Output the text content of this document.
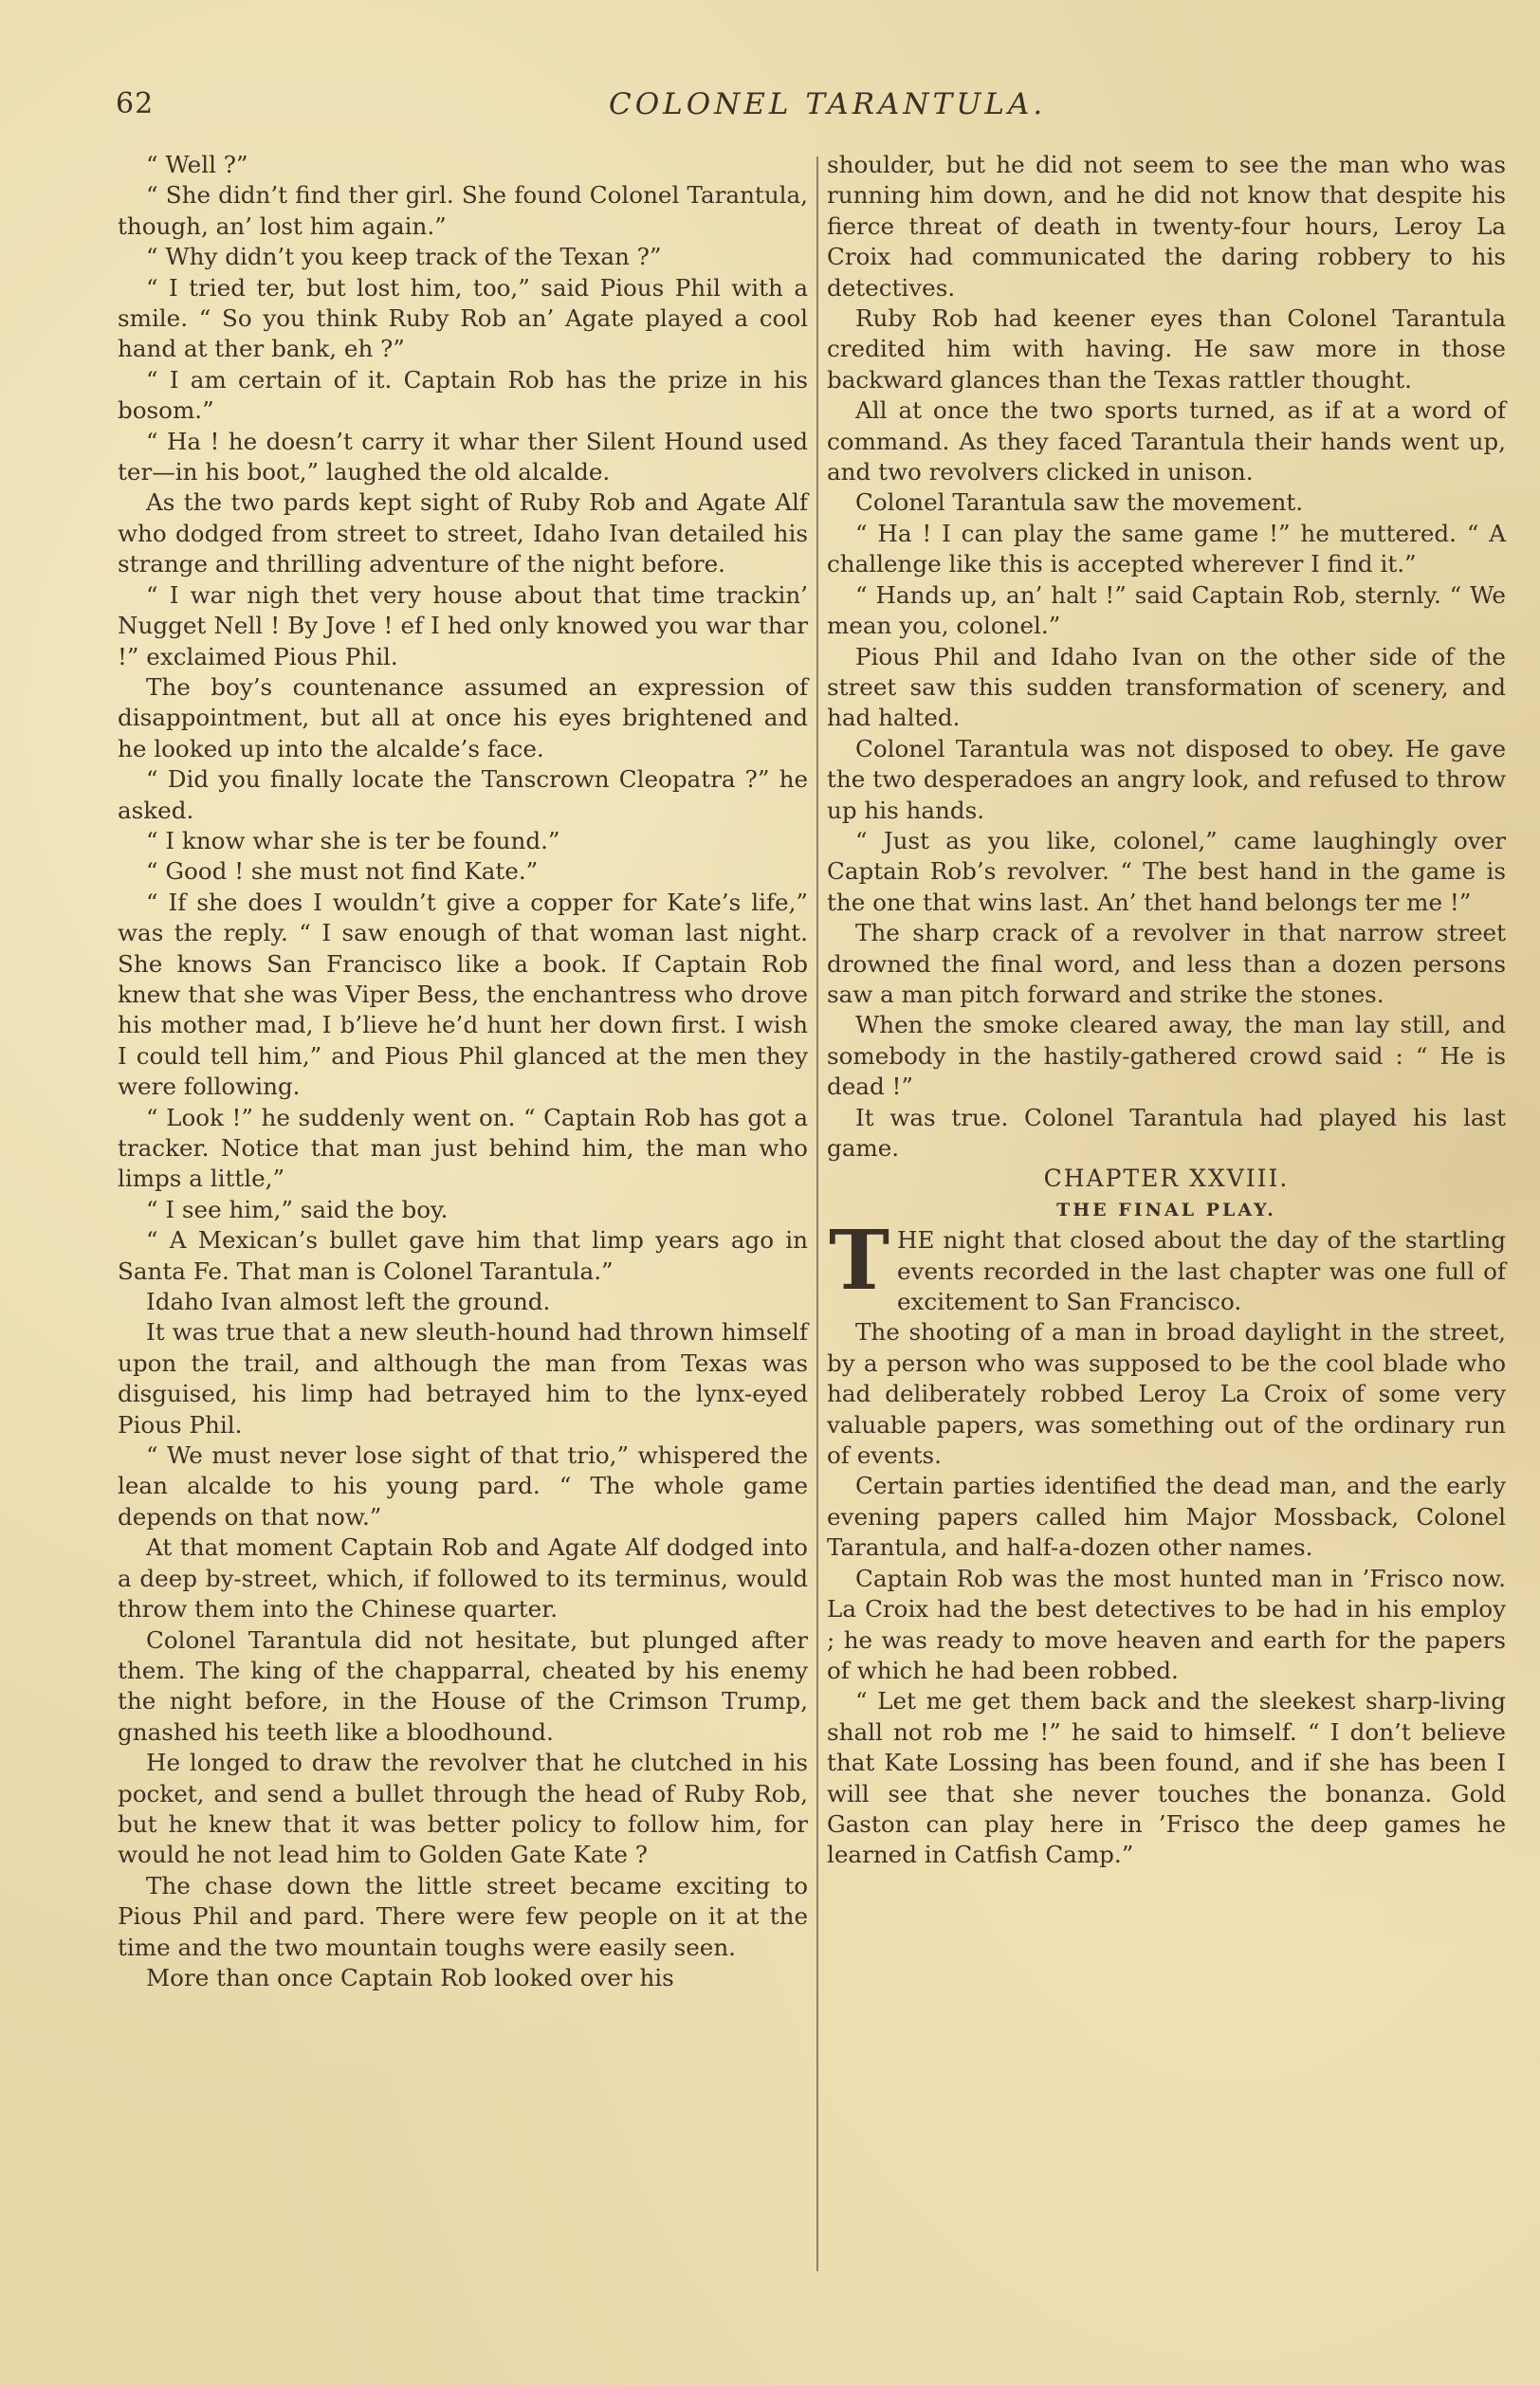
62	COLONEL TARANTULA.

“ Well ?”

“ She didn’t find ther girl. She found Colonel Tarantula, though, an’ lost him again.”

“ Why didn’t you keep track of the Texan ?”

“ I tried ter, but lost him, too,” said Pious Phil with a smile. “ So you think Ruby Rob an’ Agate played a cool hand at ther bank, eh ?”

“ I am certain of it. Captain Rob has the prize in his bosom.”

“ Ha ! he doesn’t carry it whar ther Silent Hound used ter—in his boot,” laughed the old alcalde.

As the two pards kept sight of Ruby Rob and Agate Alf who dodged from street to street, Idaho Ivan detailed his strange and thrilling adventure of the night before.

“ I war nigh thet very house about that time trackin’ Nugget Nell ! By Jove ! ef I hed only knowed you war thar !” exclaimed Pious Phil.

The boy’s countenance assumed an expression of disappointment, but all at once his eyes brightened and he looked up into the alcalde’s face.

“ Did you finally locate the Tanscrown Cleopatra ?” he asked.

“ I know whar she is ter be found.”

“ Good ! she must not find Kate.”

“ If she does I wouldn’t give a copper for Kate’s life,” was the reply. “ I saw enough of that woman last night. She knows San Francisco like a book. If Captain Rob knew that she was Viper Bess, the enchantress who drove his mother mad, I b’lieve he’d hunt her down first. I wish I could tell him,” and Pious Phil glanced at the men they were following.

“ Look !” he suddenly went on. “ Captain Rob has got a tracker. Notice that man just behind him, the man who limps a little,”

“ I see him,” said the boy.

“ A Mexican’s bullet gave him that limp years ago in Santa Fe. That man is Colonel Tarantula.”

Idaho Ivan almost left the ground.

It was true that a new sleuth-hound had thrown himself upon the trail, and although the man from Texas was disguised, his limp had betrayed him to the lynx-eyed Pious Phil.

“ We must never lose sight of that trio,” whispered the lean alcalde to his young pard. “ The whole game depends on that now.”

At that moment Captain Rob and Agate Alf dodged into a deep by-street, which, if followed to its terminus, would throw them into the Chinese quarter.

Colonel Tarantula did not hesitate, but plunged after them. The king of the chapparral, cheated by his enemy the night before, in the House of the Crimson Trump, gnashed his teeth like a bloodhound.

He longed to draw the revolver that he clutched in his pocket, and send a bullet through the head of Ruby Rob, but he knew that it was better policy to follow him, for would he not lead him to Golden Gate Kate ?

The chase down the little street became exciting to Pious Phil and pard. There were few people on it at the time and the two mountain toughs were easily seen.

More than once Captain Rob looked over his

shoulder, but he did not seem to see the man who was running him down, and he did not know that despite his fierce threat of death in twenty-four hours, Leroy La Croix had communicated the daring robbery to his detectives.

Ruby Rob had keener eyes than Colonel Tarantula credited him with having. He saw more in those backward glances than the Texas rattler thought.

All at once the two sports turned, as if at a word of command. As they faced Tarantula their hands went up, and two revolvers clicked in unison.

Colonel Tarantula saw the movement.

“ Ha ! I can play the same game !” he muttered. “ A challenge like this is accepted wherever I find it.”

“ Hands up, an’ halt !” said Captain Rob, sternly. “ We mean you, colonel.”

Pious Phil and Idaho Ivan on the other side of the street saw this sudden transformation of scenery, and had halted.

Colonel Tarantula was not disposed to obey. He gave the two desperadoes an angry look, and refused to throw up his hands.

“ Just as you like, colonel,” came laughingly over Captain Rob’s revolver. “ The best hand in the game is the one that wins last. An’ thet hand belongs ter me !”

The sharp crack of a revolver in that narrow street drowned the final word, and less than a dozen persons saw a man pitch forward and strike the stones.

When the smoke cleared away, the man lay still, and somebody in the hastily-gathered crowd said : “ He is dead !”

It was true. Colonel Tarantula had played his last game.

CHAPTER XXVIII.

THE FINAL PLAY.

THE night that closed about the day of the startling events recorded in the last chapter was one full of excitement to San Francisco.

The shooting of a man in broad daylight in the street, by a person who was supposed to be the cool blade who had deliberately robbed Leroy La Croix of some very valuable papers, was something out of the ordinary run of events.

Certain parties identified the dead man, and the early evening papers called him Major Mossback, Colonel Tarantula, and half-a-dozen other names.

Captain Rob was the most hunted man in ’Frisco now. La Croix had the best detectives to be had in his employ ; he was ready to move heaven and earth for the papers of which he had been robbed.

“ Let me get them back and the sleekest sharp-living shall not rob me !” he said to himself. “ I don’t believe that Kate Lossing has been found, and if she has been I will see that she never touches the bonanza. Gold Gaston can play here in ’Frisco the deep games he learned in Catfish Camp.”
